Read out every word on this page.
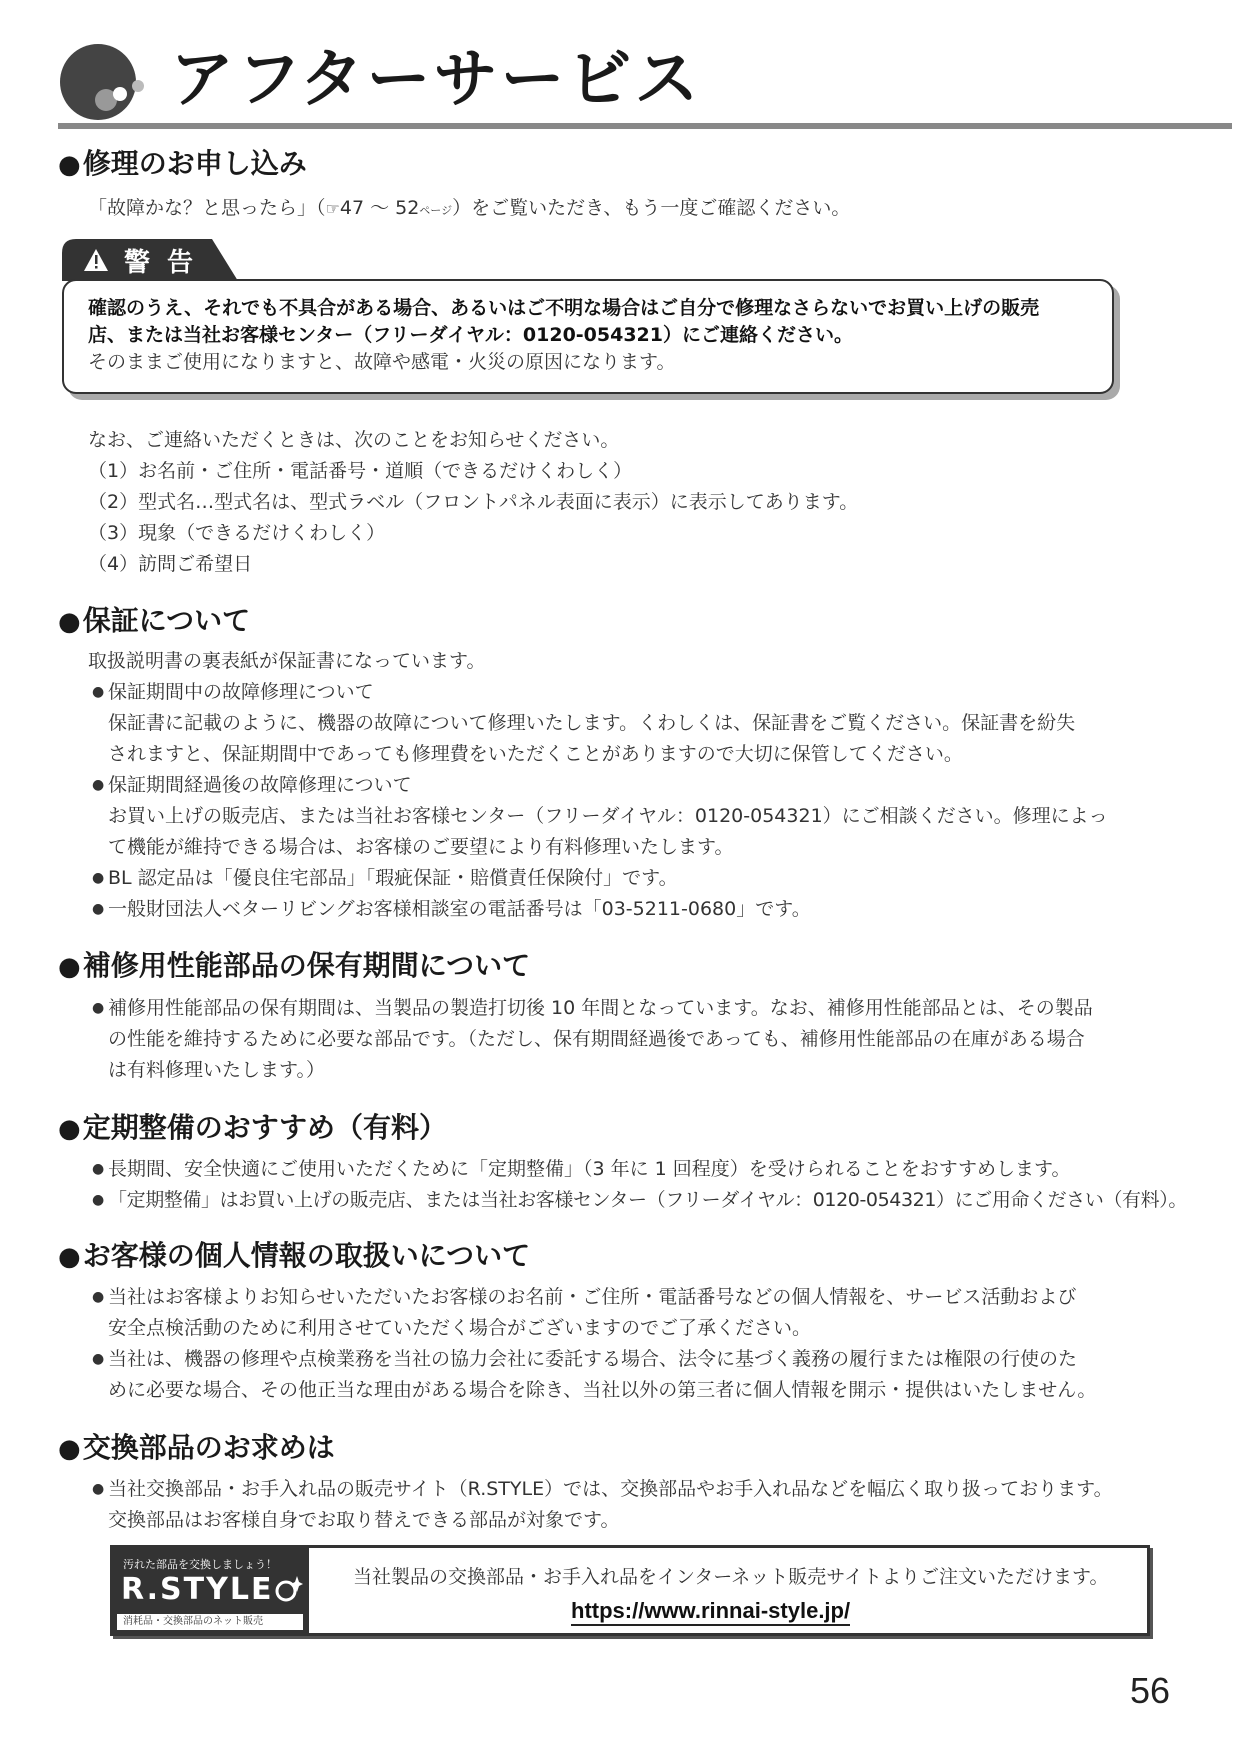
アフターサービス
●修理のお申し込み
「故障かな？と思ったら」（☞47 ～ 52ページ）をご覧いただき、もう一度ご確認ください。
警 告
確認のうえ、それでも不具合がある場合、あるいはご不明な場合はご自分で修理なさらないでお買い上げの販売
店、または当社お客様センター（フリーダイヤル：0120-054321）にご連絡ください。
そのままご使用になりますと、故障や感電・火災の原因になります。
なお、ご連絡いただくときは、次のことをお知らせください。
（1）お名前・ご住所・電話番号・道順（できるだけくわしく）
（2）型式名…型式名は、型式ラベル（フロントパネル表面に表示）に表示してあります。
（3）現象（できるだけくわしく）
（4）訪問ご希望日
●保証について
取扱説明書の裏表紙が保証書になっています。
● 保証期間中の故障修理について
保証書に記載のように、機器の故障について修理いたします。くわしくは、保証書をご覧ください。保証書を紛失
されますと、保証期間中であっても修理費をいただくことがありますので大切に保管してください。
● 保証期間経過後の故障修理について
お買い上げの販売店、または当社お客様センター（フリーダイヤル：0120-054321）にご相談ください。修理によっ
て機能が維持できる場合は、お客様のご要望により有料修理いたします。
● BL 認定品は「優良住宅部品」「瑕疵保証・賠償責任保険付」です。
● 一般財団法人ベターリビングお客様相談室の電話番号は「03-5211-0680」です。
●補修用性能部品の保有期間について
● 補修用性能部品の保有期間は、当製品の製造打切後 10 年間となっています。なお、補修用性能部品とは、その製品
の性能を維持するために必要な部品です。（ただし、保有期間経過後であっても、補修用性能部品の在庫がある場合
は有料修理いたします。）
●定期整備のおすすめ（有料）
● 長期間、安全快適にご使用いただくために「定期整備」（3 年に 1 回程度）を受けられることをおすすめします。
● 「定期整備」はお買い上げの販売店、または当社お客様センター（フリーダイヤル：0120-054321）にご用命ください（有料）。
●お客様の個人情報の取扱いについて
● 当社はお客様よりお知らせいただいたお客様のお名前・ご住所・電話番号などの個人情報を、サービス活動および
安全点検活動のために利用させていただく場合がございますのでご了承ください。
● 当社は、機器の修理や点検業務を当社の協力会社に委託する場合、法令に基づく義務の履行または権限の行使のた
めに必要な場合、その他正当な理由がある場合を除き、当社以外の第三者に個人情報を開示・提供はいたしません。
●交換部品のお求めは
● 当社交換部品・お手入れ品の販売サイト（R.STYLE）では、交換部品やお手入れ品などを幅広く取り扱っております。
交換部品はお客様自身でお取り替えできる部品が対象です。
汚れた部品を交換しましょう！
R.STYLE
消耗品・交換部品のネット販売
当社製品の交換部品・お手入れ品をインターネット販売サイトよりご注文いただけます。
https://www.rinnai-style.jp/
56
